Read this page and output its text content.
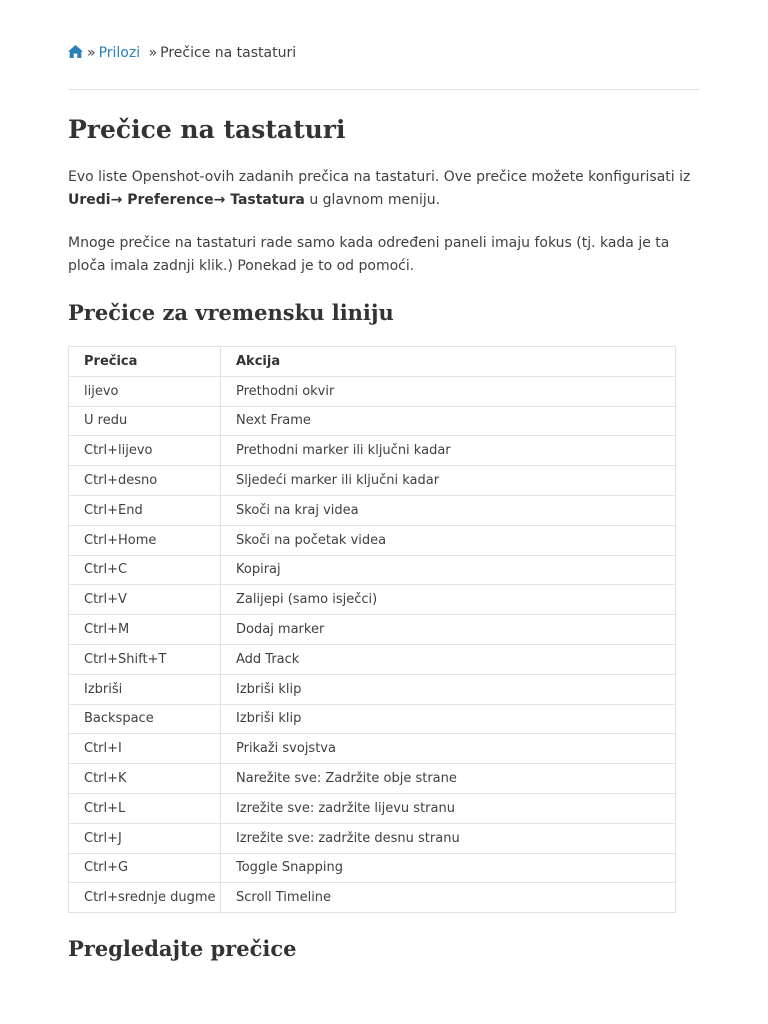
» Prilozi » Prečice na tastaturi
Prečice na tastaturi

Evo liste Openshot-ovih zadanih prečica na tastaturi. Ove prečice možete konfigurisati iz Uredi→ Preference→ Tastatura u glavnom meniju.

Mnoge prečice na tastaturi rade samo kada određeni paneli imaju fokus (tj. kada je ta ploča imala zadnji klik.) Ponekad je to od pomoći.

Prečice za vremensku liniju
Prečica	Akcija
lijevo	Prethodni okvir
U redu	Next Frame
Ctrl+lijevo	Prethodni marker ili ključni kadar
Ctrl+desno	Sljedeći marker ili ključni kadar
Ctrl+End	Skoči na kraj videa
Ctrl+Home	Skoči na početak videa
Ctrl+C	Kopiraj
Ctrl+V	Zalijepi (samo isječci)
Ctrl+M	Dodaj marker
Ctrl+Shift+T	Add Track
Izbriši	Izbriši klip
Backspace	Izbriši klip
Ctrl+I	Prikaži svojstva
Ctrl+K	Narežite sve: Zadržite obje strane
Ctrl+L	Izrežite sve: zadržite lijevu stranu
Ctrl+J	Izrežite sve: zadržite desnu stranu
Ctrl+G	Toggle Snapping
Ctrl+srednje dugme	Scroll Timeline
Pregledajte prečice
